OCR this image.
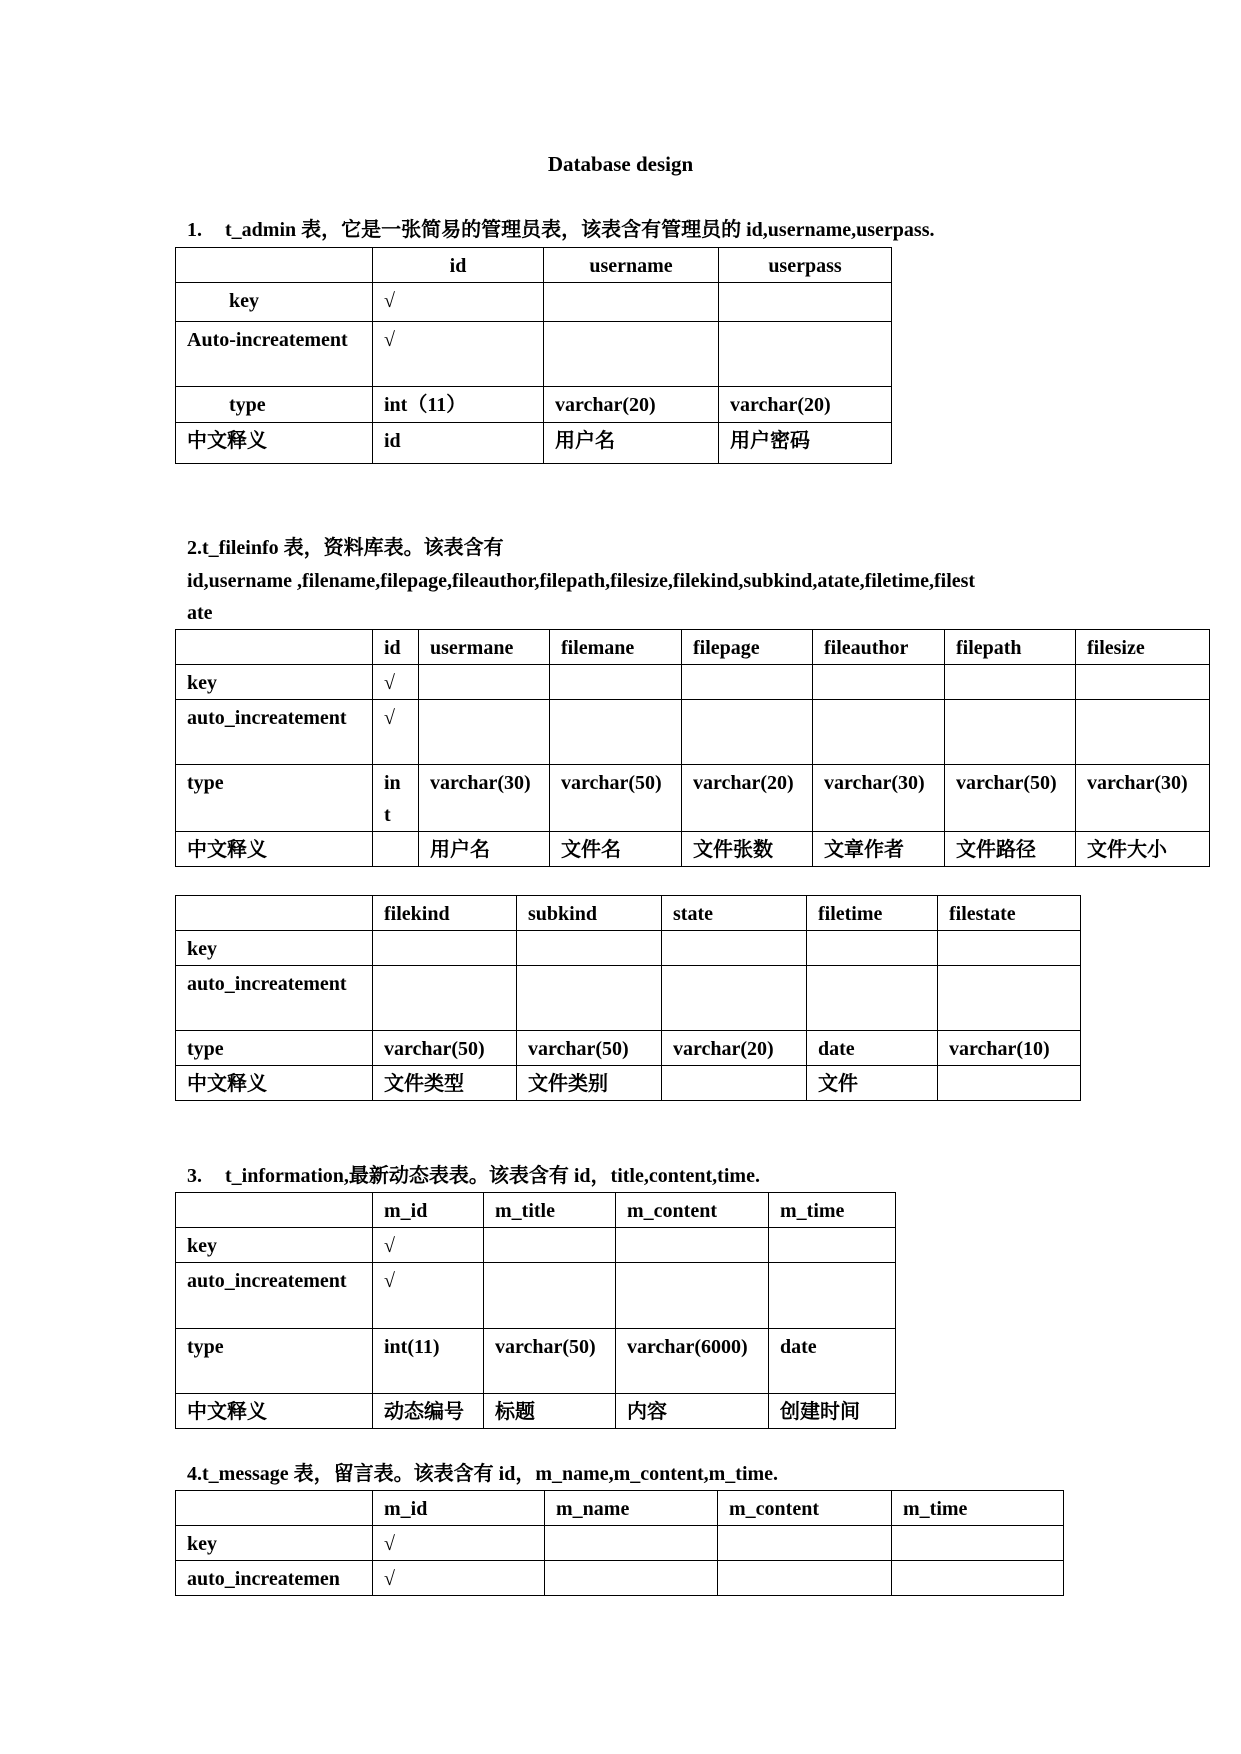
Database design
1. t_admin 表，它是一张简易的管理员表，该表含有管理员的 id,username,userpass.
	id	username	userpass
key	√		
Auto-increatement	√		
type	int（11）	varchar(20)	varchar(20)
中文释义	id	用户名	用户密码
2.t_fileinfo 表，资料库表。该表含有
id,username ,filename,filepage,fileauthor,filepath,filesize,filekind,subkind,atate,filetime,filest
ate
	id	usermane	filemane	filepage	fileauthor	filepath	filesize
key	√						
auto_increatement	√						
type	int	varchar(30)	varchar(50)	varchar(20)	varchar(30)	varchar(50)	varchar(30)
中文释义		用户名	文件名	文件张数	文章作者	文件路径	文件大小
	filekind	subkind	state	filetime	filestate
key					
auto_increatement					
type	varchar(50)	varchar(50)	varchar(20)	date	varchar(10)
中文释义	文件类型	文件类别		文件	
3. t_information,最新动态表表。该表含有 id，title,content,time.
	m_id	m_title	m_content	m_time
key	√			
auto_increatement	√			
type	int(11)	varchar(50)	varchar(6000)	date
中文释义	动态编号	标题	内容	创建时间
4.t_message 表，留言表。该表含有 id，m_name,m_content,m_time.
	m_id	m_name	m_content	m_time
key	√			
auto_increatemen	√			
